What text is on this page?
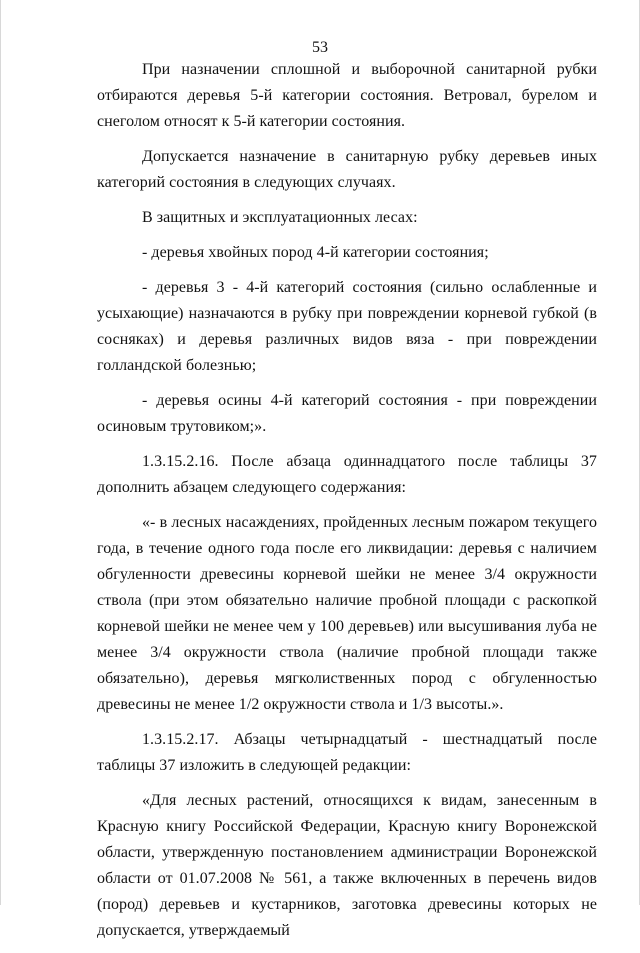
53

При назначении сплошной и выборочной санитарной рубки отбираются деревья 5-й категории состояния. Ветровал, бурелом и снеголом относят к 5-й категории состояния.

Допускается назначение в санитарную рубку деревьев иных категорий состояния в следующих случаях.

В защитных и эксплуатационных лесах:

- деревья хвойных пород 4-й категории состояния;

- деревья 3 - 4-й категорий состояния (сильно ослабленные и усыхающие) назначаются в рубку при повреждении корневой губкой (в сосняках) и деревья различных видов вяза - при повреждении голландской болезнью;

- деревья осины 4-й категорий состояния - при повреждении осиновым трутовиком;».

1.3.15.2.16. После абзаца одиннадцатого после таблицы 37 дополнить абзацем следующего содержания:

«- в лесных насаждениях, пройденных лесным пожаром текущего года, в течение одного года после его ликвидации: деревья с наличием обгуленности древесины корневой шейки не менее 3/4 окружности ствола (при этом обязательно наличие пробной площади с раскопкой корневой шейки не менее чем у 100 деревьев) или высушивания луба не менее 3/4 окружности ствола (наличие пробной площади также обязательно), деревья мягколиственных пород с обгуленностью древесины не менее 1/2 окружности ствола и 1/3 высоты.».

1.3.15.2.17. Абзацы четырнадцатый - шестнадцатый после таблицы 37 изложить в следующей редакции:

«Для лесных растений, относящихся к видам, занесенным в Красную книгу Российской Федерации, Красную книгу Воронежской области, утвержденную постановлением администрации Воронежской области от 01.07.2008 № 561, а также включенных в перечень видов (пород) деревьев и кустарников, заготовка древесины которых не допускается, утверждаемый
